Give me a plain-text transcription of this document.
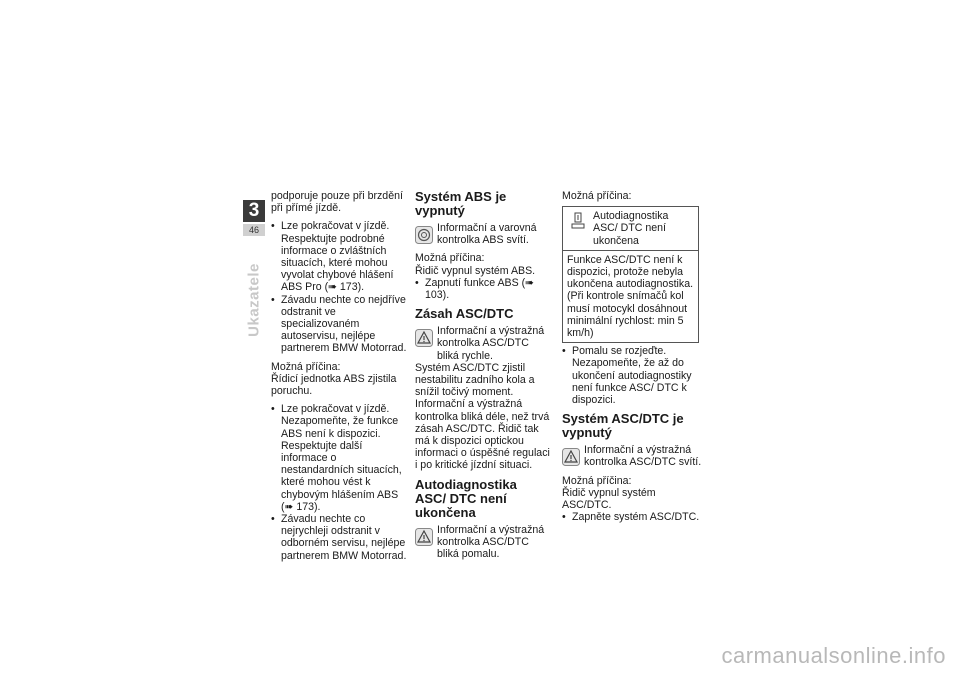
3
46
Ukazatele

podporuje pouze při brzdění při přímé jízdě.

• Lze pokračovat v jízdě. Respektujte podrobné informace o zvláštních situacích, které mohou vyvolat chybové hlášení ABS Pro (➠ 173).
• Závadu nechte co nejdříve odstranit ve specializovaném autoservisu, nejlépe partnerem BMW Motorrad.

Možná příčina:

Řídicí jednotka ABS zjistila poruchu.

• Lze pokračovat v jízdě. Nezapomeňte, že funkce ABS není k dispozici. Respektujte další informace o nestandardních situacích, které mohou vést k chybovým hlášením ABS (➠ 173).
• Závadu nechte co nejrychleji odstranit v odborném servisu, nejlépe partnerem BMW Motorrad.
Systém ABS je vypnutý
Informační a varovná kontrolka ABS svítí.

Možná příčina:

Řidič vypnul systém ABS.

• Zapnutí funkce ABS (➠ 103).
Zásah ASC/DTC
Informační a výstražná kontrolka ASC/DTC bliká rychle.

Systém ASC/DTC zjistil nestabilitu zadního kola a snížil točivý moment. Informační a výstražná kontrolka bliká déle, než trvá zásah ASC/DTC. Řidič tak má k dispozici optickou informaci o úspěšné regulaci i po kritické jízdní situaci.

Autodiagnostika ASC/ DTC není ukončena
Informační a výstražná kontrolka ASC/DTC bliká pomalu.

Možná příčina:

Autodiagnostika ASC/ DTC není ukončena
Funkce ASC/DTC není k dispozici, protože nebyla ukončena autodiagnostika. (Při kontrole snímačů kol musí motocykl dosáhnout minimální rychlost: min 5 km/h)
• Pomalu se rozjeďte. Nezapomeňte, že až do ukončení autodiagnostiky není funkce ASC/ DTC k dispozici.
Systém ASC/DTC je vypnutý
Informační a výstražná kontrolka ASC/DTC svítí.

Možná příčina:

Řidič vypnul systém ASC/DTC.

• Zapněte systém ASC/DTC.
carmanualsonline.info
